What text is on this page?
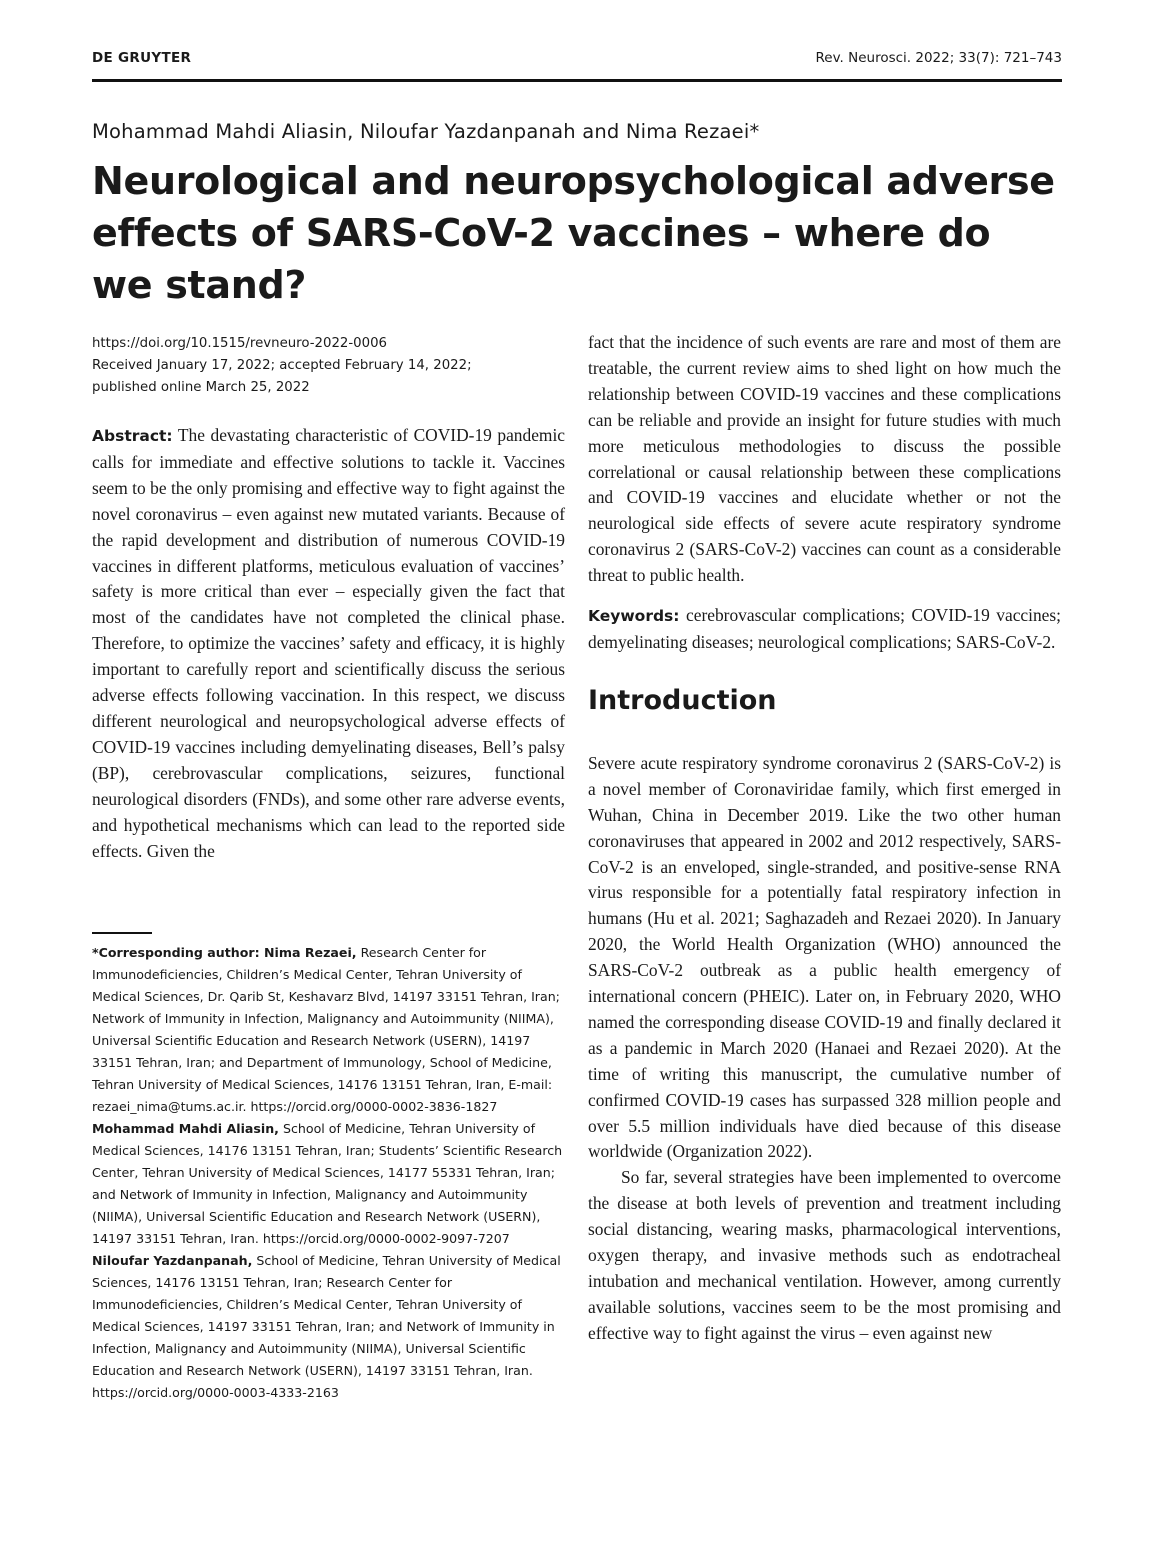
DE GRUYTER	Rev. Neurosci. 2022; 33(7): 721–743
Mohammad Mahdi Aliasin, Niloufar Yazdanpanah and Nima Rezaei*
Neurological and neuropsychological adverse effects of SARS-CoV-2 vaccines – where do we stand?
https://doi.org/10.1515/revneuro-2022-0006
Received January 17, 2022; accepted February 14, 2022;
published online March 25, 2022

Abstract: The devastating characteristic of COVID-19 pandemic calls for immediate and effective solutions to tackle it. Vaccines seem to be the only promising and effective way to fight against the novel coronavirus – even against new mutated variants. Because of the rapid development and distribution of numerous COVID-19 vaccines in different platforms, meticulous evaluation of vaccines’ safety is more critical than ever – especially given the fact that most of the candidates have not completed the clinical phase. Therefore, to optimize the vaccines’ safety and efficacy, it is highly important to carefully report and scientifically discuss the serious adverse effects following vaccination. In this respect, we discuss different neurological and neuropsychological adverse effects of COVID-19 vaccines including demyelinating diseases, Bell’s palsy (BP), cerebrovascular complications, seizures, functional neurological disorders (FNDs), and some other rare adverse events, and hypothetical mechanisms which can lead to the reported side effects. Given the

*Corresponding author: Nima Rezaei, Research Center for Immunodeficiencies, Children’s Medical Center, Tehran University of Medical Sciences, Dr. Qarib St, Keshavarz Blvd, 14197 33151 Tehran, Iran; Network of Immunity in Infection, Malignancy and Autoimmunity (NIIMA), Universal Scientific Education and Research Network (USERN), 14197 33151 Tehran, Iran; and Department of Immunology, School of Medicine, Tehran University of Medical Sciences, 14176 13151 Tehran, Iran, E-mail: rezaei_nima@tums.ac.ir. https://orcid.org/0000-0002-3836-1827

Mohammad Mahdi Aliasin, School of Medicine, Tehran University of Medical Sciences, 14176 13151 Tehran, Iran; Students’ Scientific Research Center, Tehran University of Medical Sciences, 14177 55331 Tehran, Iran; and Network of Immunity in Infection, Malignancy and Autoimmunity (NIIMA), Universal Scientific Education and Research Network (USERN), 14197 33151 Tehran, Iran. https://orcid.org/0000-0002-9097-7207

Niloufar Yazdanpanah, School of Medicine, Tehran University of Medical Sciences, 14176 13151 Tehran, Iran; Research Center for Immunodeficiencies, Children’s Medical Center, Tehran University of Medical Sciences, 14197 33151 Tehran, Iran; and Network of Immunity in Infection, Malignancy and Autoimmunity (NIIMA), Universal Scientific Education and Research Network (USERN), 14197 33151 Tehran, Iran. https://orcid.org/0000-0003-4333-2163

fact that the incidence of such events are rare and most of them are treatable, the current review aims to shed light on how much the relationship between COVID-19 vaccines and these complications can be reliable and provide an insight for future studies with much more meticulous methodologies to discuss the possible correlational or causal relationship between these complications and COVID-19 vaccines and elucidate whether or not the neurological side effects of severe acute respiratory syndrome coronavirus 2 (SARS-CoV-2) vaccines can count as a considerable threat to public health.

Keywords: cerebrovascular complications; COVID-19 vaccines; demyelinating diseases; neurological complications; SARS-CoV-2.

Introduction

Severe acute respiratory syndrome coronavirus 2 (SARS-CoV-2) is a novel member of Coronaviridae family, which first emerged in Wuhan, China in December 2019. Like the two other human coronaviruses that appeared in 2002 and 2012 respectively, SARS-CoV-2 is an enveloped, single-stranded, and positive-sense RNA virus responsible for a potentially fatal respiratory infection in humans (Hu et al. 2021; Saghazadeh and Rezaei 2020). In January 2020, the World Health Organization (WHO) announced the SARS-CoV-2 outbreak as a public health emergency of international concern (PHEIC). Later on, in February 2020, WHO named the corresponding disease COVID-19 and finally declared it as a pandemic in March 2020 (Hanaei and Rezaei 2020). At the time of writing this manuscript, the cumulative number of confirmed COVID-19 cases has surpassed 328 million people and over 5.5 million individuals have died because of this disease worldwide (Organization 2022).

So far, several strategies have been implemented to overcome the disease at both levels of prevention and treatment including social distancing, wearing masks, pharmacological interventions, oxygen therapy, and invasive methods such as endotracheal intubation and mechanical ventilation. However, among currently available solutions, vaccines seem to be the most promising and effective way to fight against the virus – even against new
